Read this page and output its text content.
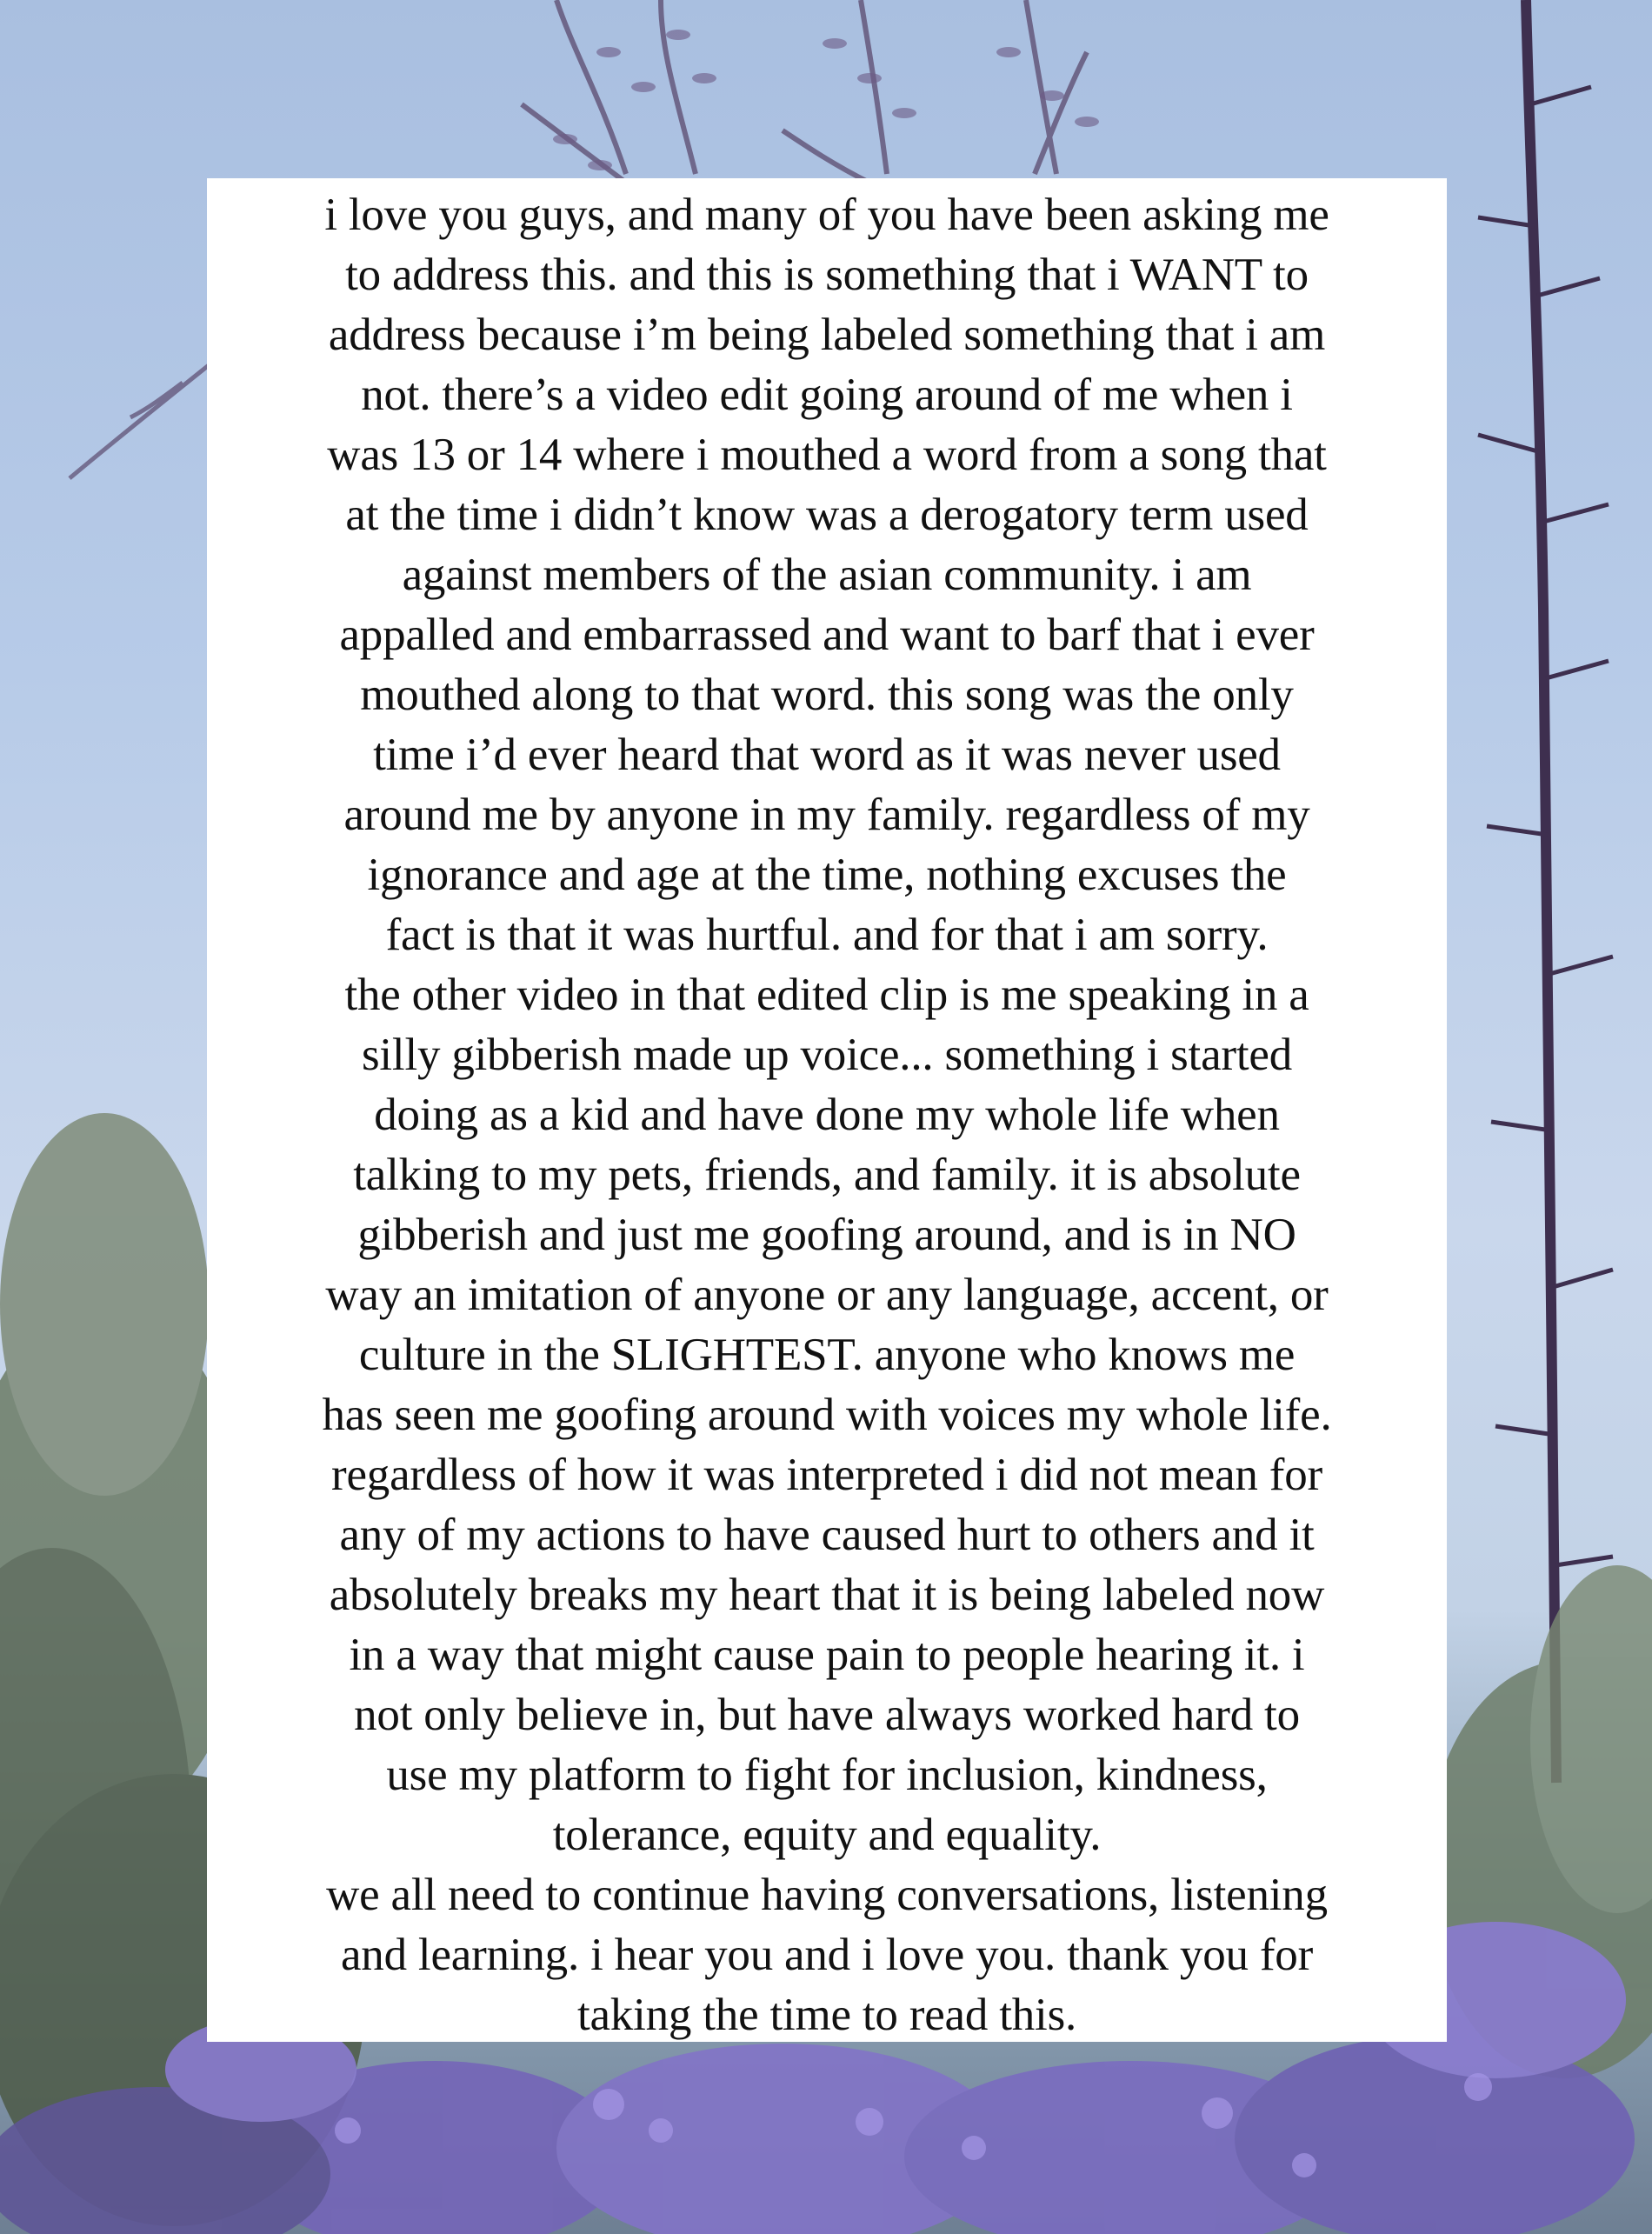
i love you guys, and many of you have been asking me
to address this. and this is something that i WANT to
address because i’m being labeled something that i am
not. there’s a video edit going around of me when i
was 13 or 14 where i mouthed a word from a song that
at the time i didn’t know was a derogatory term used
against members of the asian community. i am
appalled and embarrassed and want to barf that i ever
mouthed along to that word. this song was the only
time i’d ever heard that word as it was never used
around me by anyone in my family. regardless of my
ignorance and age at the time, nothing excuses the
fact is that it was hurtful. and for that i am sorry.
the other video in that edited clip is me speaking in a
silly gibberish made up voice... something i started
doing as a kid and have done my whole life when
talking to my pets, friends, and family. it is absolute
gibberish and just me goofing around, and is in NO
way an imitation of anyone or any language, accent, or
culture in the SLIGHTEST. anyone who knows me
has seen me goofing around with voices my whole life.
regardless of how it was interpreted i did not mean for
any of my actions to have caused hurt to others and it
absolutely breaks my heart that it is being labeled now
in a way that might cause pain to people hearing it. i
not only believe in, but have always worked hard to
use my platform to fight for inclusion, kindness,
tolerance, equity and equality.
we all need to continue having conversations, listening
and learning. i hear you and i love you. thank you for
taking the time to read this.
